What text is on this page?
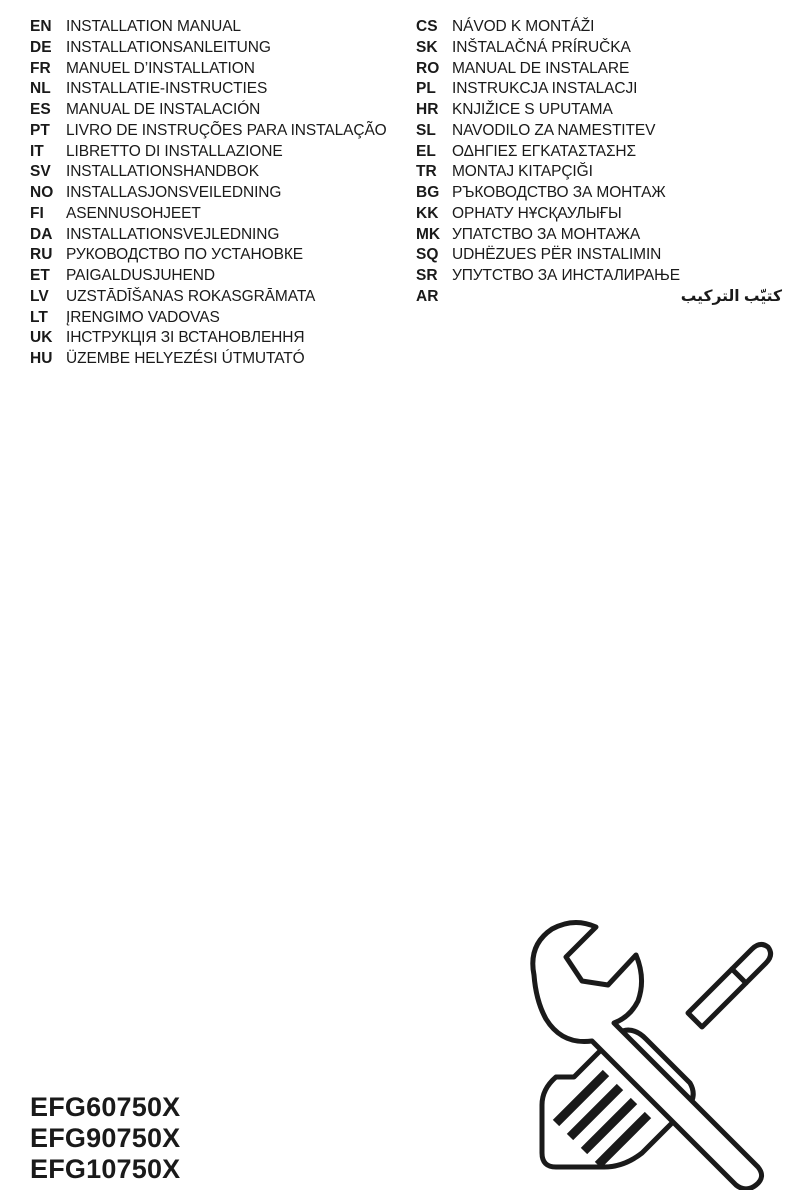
EN INSTALLATION MANUAL
DE INSTALLATIONSANLEITUNG
FR MANUEL D’INSTALLATION
NL INSTALLATIE-INSTRUCTIES
ES MANUAL DE INSTALACIÓN
PT	LIVRO DE INSTRUÇÕES PARA INSTALAÇÃO
IT	LIBRETTO DI INSTALLAZIONE
SV INSTALLATIONSHANDBOK
NO INSTALLASJONSVEILEDNING
FI	ASENNUSOHJEET
DA INSTALLATIONSVEJLEDNING
RU РУКОВОДСТВО ПО УСТАНОВКЕ
ET	PAIGALDUSJUHEND
LV	UZSTĀDĪŠANAS ROKASGRĀMATA
LT	ĮRENGIMO VADOVAS
UK ІНСТРУКЦІЯ ЗІ ВСТАНОВЛЕННЯ
HU ÜZEMBE HELYEZÉSI ÚTMUTATÓ
CS NÁVOD K MONTÁŽI
SK INŠTALAČNÁ PRÍRUČKA
RO MANUAL DE INSTALARE
PL	INSTRUKCJA INSTALACJI
HR KNJIŽICE S UPUTAMA
SL	NAVODILO ZA NAMESTITEV
EL	ΟΔΗΓΙΕΣ ΕΓΚΑΤΑΣΤΑΣΗΣ
TR MONTAJ KITAPÇIĞI
BG РЪКОВОДСТВО ЗА МОНТАЖ
KK ОРНАТУ НҰСҚАУЛЫҒЫ
MK УПАТСТВО ЗА МОНТАЖА
SQ UDHËZUES PËR INSTALIMIN
SR УПУТСТВО ЗА ИНСТАЛИРАЊЕ
AR	كتيّب التركيب
EFG60750X
EFG90750X
EFG10750X
